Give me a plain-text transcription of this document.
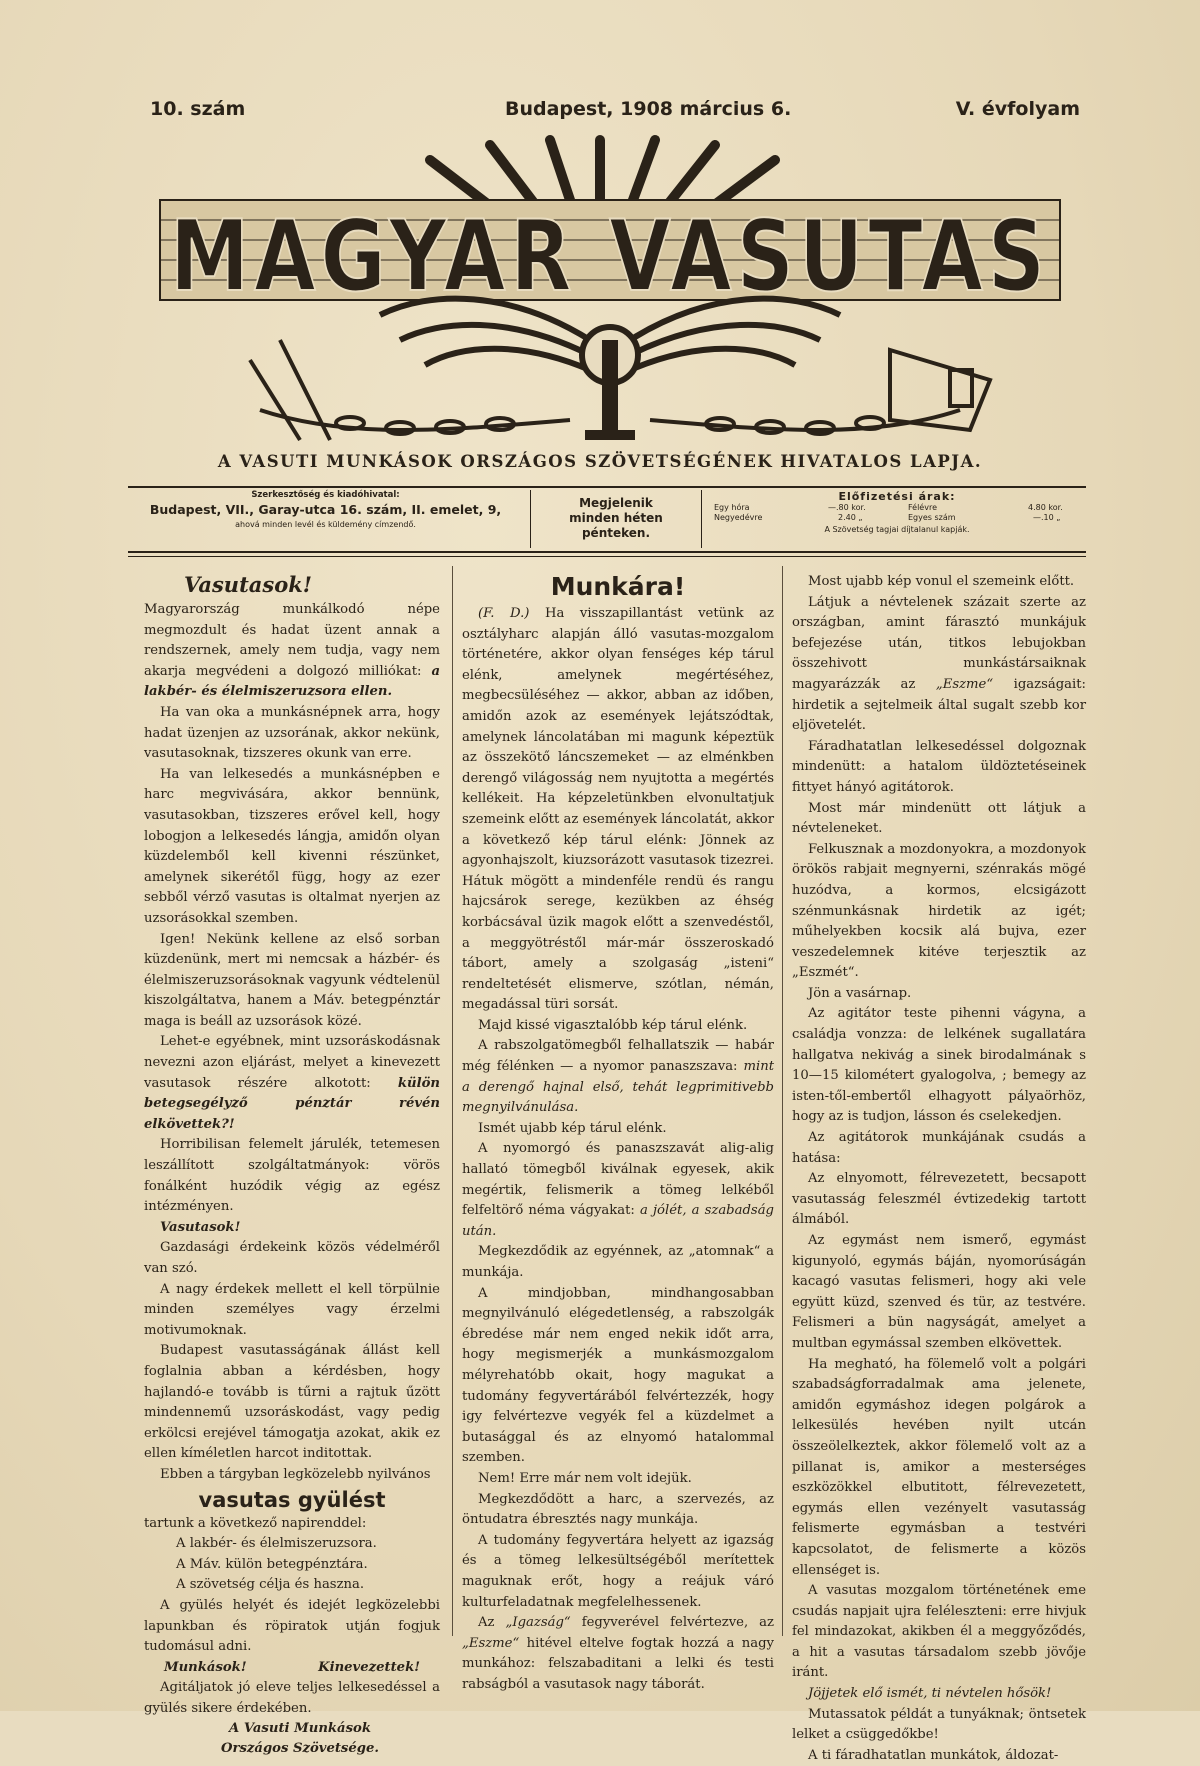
10. szám	Budapest, 1908 március 6.	V. évfolyam
MAGYAR VASUTAS
A VASUTI MUNKÁSOK ORSZÁGOS SZÖVETSÉGÉNEK HIVATALOS LAPJA.
Szerkesztőség és kiadóhivatal:
Budapest, VII., Garay-utca 16. szám, II. emelet, 9,
ahová minden levél és küldemény címzendő.
Megjelenik
minden héten
pénteken.
Előfizetési árak:
Egy hóra	—.80 kor.	Félévre	4.80 kor.
Negyedévre	2.40 „	Egyes szám	—.10 „
A Szövetség tagjai díjtalanul kapják.
Vasutasok!

Magyarország munkálkodó népe megmozdult és hadat üzent annak a rendszernek, amely nem tudja, vagy nem akarja megvédeni a dolgozó milliókat: a lakbér- és élelmiszeruzsora ellen.

Ha van oka a munkásnépnek arra, hogy hadat üzenjen az uzsorának, akkor nekünk, vasutasoknak, tizszeres okunk van erre.

Ha van lelkesedés a munkásnépben e harc megvivására, akkor bennünk, vasutasokban, tizszeres erővel kell, hogy lobogjon a lelkesedés lángja, amidőn olyan küzdelemből kell kivenni részünket, amelynek sikerétől függ, hogy az ezer sebből vérző vasutas is oltalmat nyerjen az uzsorásokkal szemben.

Igen! Nekünk kellene az első sorban küzdenünk, mert mi nemcsak a házbér- és élelmiszeruzsorásoknak vagyunk védtelenül kiszolgáltatva, hanem a Máv. betegpénztár maga is beáll az uzsorások közé.

Lehet-e egyébnek, mint uzsoráskodásnak nevezni azon eljárást, melyet a kinevezett vasutasok részére alkotott: külön betegsegélyző pénztár révén elkövettek?!

Horribilisan felemelt járulék, tetemesen leszállított szolgáltatmányok: vörös fonálként huzódik végig az egész intézményen.

Vasutasok!

Gazdasági érdekeink közös védelméről van szó.

A nagy érdekek mellett el kell törpülnie minden személyes vagy érzelmi motivumoknak.

Budapest vasutasságának állást kell foglalnia abban a kérdésben, hogy hajlandó-e tovább is tűrni a rajtuk űzött mindennemű uzsoráskodást, vagy pedig erkölcsi erejével támogatja azokat, akik ez ellen kíméletlen harcot inditottak.

Ebben a tárgyban legközelebb nyilvános

vasutas gyülést

tartunk a következő napirenddel:

A lakbér- és élelmiszeruzsora.

A Máv. külön betegpénztára.

A szövetség célja és haszna.

A gyülés helyét és idejét legközelebbi lapunkban és röpiratok utján fogjuk tudomásul adni.

Munkások!	Kinevezettek!

Agitáljatok jó eleve teljes lelkesedéssel a gyülés sikere érdekében.

A Vasuti Munkások

Országos Szövetsége.

Munkára!

(F. D.) Ha visszapillantást vetünk az osztályharc alapján álló vasutas-mozgalom történetére, akkor olyan fenséges kép tárul elénk, amelynek megértéséhez, megbecsüléséhez — akkor, abban az időben, amidőn azok az események lejátszódtak, amelynek láncolatában mi magunk képeztük az összekötő láncszemeket — az elménkben derengő világosság nem nyujtotta a megértés kellékeit. Ha képzeletünkben elvonultatjuk szemeink előtt az események láncolatát, akkor a következő kép tárul elénk: Jönnek az agyonhajszolt, kiuzsorázott vasutasok tizezrei. Hátuk mögött a mindenféle rendü és rangu hajcsárok serege, kezükben az éhség korbácsával üzik magok előtt a szenvedéstől, a meggyötréstől már-már összeroskadó tábort, amely a szolgaság „isteni“ rendeltetését elismerve, szótlan, némán, megadással türi sorsát.

Majd kissé vigasztalóbb kép tárul elénk.

A rabszolgatömegből felhallatszik — habár még félénken — a nyomor panaszszava: mint a derengő hajnal első, tehát legprimitivebb megnyilvánulása.

Ismét ujabb kép tárul elénk.

A nyomorgó és panaszszavát alig-alig hallató tömegből kiválnak egyesek, akik megértik, felismerik a tömeg lelkéből felfeltörő néma vágyakat: a jólét, a szabadság után.

Megkezdődik az egyénnek, az „atomnak“ a munkája.

A mindjobban, mindhangosabban megnyilvánuló elégedetlenség, a rabszolgák ébredése már nem enged nekik időt arra, hogy megismerjék a munkásmozgalom mélyrehatóbb okait, hogy magukat a tudomány fegyvertárából felvértezzék, hogy igy felvértezve vegyék fel a küzdelmet a butasággal és az elnyomó hatalommal szemben.

Nem! Erre már nem volt idejük.

Megkezdődött a harc, a szervezés, az öntudatra ébresztés nagy munkája.

A tudomány fegyvertára helyett az igazság és a tömeg lelkesültségéből merítettek maguknak erőt, hogy a reájuk váró kulturfeladatnak megfelelhessenek.

Az „Igazság“ fegyverével felvértezve, az „Eszme“ hitével eltelve fogtak hozzá a nagy munkához: felszabaditani a lelki és testi rabságból a vasutasok nagy táborát.

Most ujabb kép vonul el szemeink előtt.

Látjuk a névtelenek százait szerte az országban, amint fárasztó munkájuk befejezése után, titkos lebujokban összehivott munkástársaiknak magyarázzák az „Eszme“ igazságait: hirdetik a sejtelmeik által sugalt szebb kor eljövetelét.

Fáradhatatlan lelkesedéssel dolgoznak mindenütt: a hatalom üldöztetéseinek fittyet hányó agitátorok.

Most már mindenütt ott látjuk a névteleneket.

Felkusznak a mozdonyokra, a mozdonyok örökös rabjait megnyerni, szénrakás mögé huzódva, a kormos, elcsigázott szénmunkásnak hirdetik az igét; műhelyekben kocsik alá bujva, ezer veszedelemnek kitéve terjesztik az „Eszmét“.

Jön a vasárnap.

Az agitátor teste pihenni vágyna, a családja vonzza: de lelkének sugallatára hallgatva nekivág a sinek birodalmának s 10—15 kilométert gyalogolva, ; bemegy az isten-től-embertől elhagyott pályaörhöz, hogy az is tudjon, lásson és cselekedjen.

Az agitátorok munkájának csudás a hatása:

Az elnyomott, félrevezetett, becsapott vasutasság feleszmél évtizedekig tartott álmából.

Az egymást nem ismerő, egymást kigunyoló, egymás báján, nyomorúságán kacagó vasutas felismeri, hogy aki vele együtt küzd, szenved és tür, az testvére. Felismeri a bün nagyságát, amelyet a multban egymással szemben elkövettek.

Ha megható, ha fölemelő volt a polgári szabadságforradalmak ama jelenete, amidőn egymáshoz idegen polgárok a lelkesülés hevében nyilt utcán összeölelkeztek, akkor fölemelő volt az a pillanat is, amikor a mesterséges eszközökkel elbutitott, félrevezetett, egymás ellen vezényelt vasutasság felismerte egymásban a testvéri kapcsolatot, de felismerte a közös ellenséget is.

A vasutas mozgalom történetének eme csudás napjait ujra feléleszteni: erre hivjuk fel mindazokat, akikben él a meggyőződés, a hit a vasutas társadalom szebb jövője iránt.

Jöjjetek elő ismét, ti névtelen hősök!

Mutassatok példát a tunyáknak; öntsetek lelket a csüggedőkbe!

A ti fáradhatatlan munkátok, áldozat-
